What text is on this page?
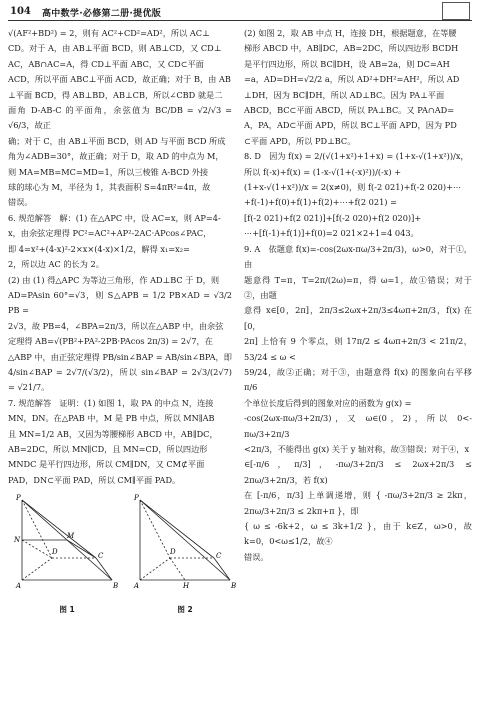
104 高中数学·必修第二册·提优版

√(AF²+BD²) = 2，则有 AC²+CD²=AD²，所以 AC⊥

CD。对于 A，由 AB⊥平面 BCD，则 AB⊥CD，又 CD⊥

AC，AB∩AC=A，得 CD⊥平面 ABC，又 CD⊂平面

ACD，所以平面 ABC⊥平面 ACD，故正确；对于 B，由 AB

⊥平面 BCD，得 AB⊥BD，AB⊥CB，所以∠CBD 就是二

面角 D-AB-C 的平面角，余弦值为 BC/DB = √2/√3 = √6/3，故正

确；对于 C，由 AB⊥平面 BCD，则 AD 与平面 BCD 所成

角为∠ADB=30°，故正确；对于 D，取 AD 的中点为 M，

则 MA=MB=MC=MD=1，所以三棱锥 A-BCD 外接

球的球心为 M，半径为 1，其表面积 S=4πR²=4π，故

错误。

6. 规范解答　解：(1) 在△APC 中，设 AC=x，则 AP=4-

x，由余弦定理得 PC²=AC²+AP²-2AC·APcos∠PAC，

即 4=x²+(4-x)²-2×x×(4-x)×1/2，解得 x₁=x₂=

2，所以边 AC 的长为 2。

(2) 由 (1) 得△APC 为等边三角形，作 AD⊥BC 于 D，则

AD=PAsin 60°=√3，则 S△APB = 1/2 PB×AD = √3/2 PB =

2√3，故 PB=4，∠BPA=2π/3，所以在△ABP 中，由余弦

定理得 AB=√(PB²+PA²-2PB·PAcos 2π/3) = 2√7，在

△ABP 中，由正弦定理得 PB/sin∠BAP = AB/sin∠BPA，即

4/sin∠BAP = 2√7/(√3/2)，所以 sin∠BAP = 2√3/(2√7) = √21/7。

7. 规范解答　证明：(1) 如图 1，取 PA 的中点 N，连接

MN，DN。在△PAB 中，M 是 PB 中点，所以 MN∥AB

且 MN=1/2 AB，又因为等腰梯形 ABCD 中，AB∥DC，

AB=2DC，所以 MN∥CD，且 MN=CD，所以四边形

MNDC 是平行四边形，所以 CM∥DN，又 CM⊄平面

PAD，DN⊂平面 PAD，所以 CM∥平面 PAD。

P
N	M
D	C
A	B
图 1
P
D	C
A	H	B
图 2

(2) 如图 2，取 AB 中点 H，连接 DH，根据题意，在等腰

梯形 ABCD 中，AB∥DC，AB=2DC，所以四边形 BCDH

是平行四边形，所以 BC∥DH，设 AB=2a，则 DC=AH

=a，AD=DH=√2/2 a，所以 AD²+DH²=AH²，所以 AD

⊥DH，因为 BC∥DH，所以 AD⊥BC。因为 PA⊥平面

ABCD，BC⊂平面 ABCD，所以 PA⊥BC。又 PA∩AD=

A，PA，AD⊂平面 APD，所以 BC⊥平面 APD，因为 PD

⊂平面 APD，所以 PD⊥BC。

8. D　因为 f(x) = 2/(√(1+x²)+1+x) = (1+x-√(1+x²))/x，

所以 f(-x)+f(x) = (1-x-√(1+(-x)²))/(-x) +

(1+x-√(1+x²))/x = 2(x≠0)，则 f(-2 021)+f(-2 020)+⋯

+f(-1)+f(0)+f(1)+f(2)+⋯+f(2 021) =

[f(-2 021)+f(2 021)]+[f(-2 020)+f(2 020)]+

⋯+[f(-1)+f(1)]+f(0)=2 021×2+1=4 043。

9. A　依题意 f(x)=-cos(2ωx-πω/3+2π/3)，ω>0，对于①，由

题意得 T=π，T=2π/(2ω)=π，得 ω=1，故①错误；对于②，由题

意得 x∈[0，2π]，2π/3≤2ωx+2π/3≤4ωπ+2π/3，f(x) 在 [0，

2π] 上恰有 9 个零点，则 17π/2 ≤ 4ωπ+2π/3 < 21π/2，53/24 ≤ ω <

59/24，故②正确；对于③，由题意得 f(x) 的图象向右平移 π/6

个单位长度后得到的图象对应的函数为 g(x) =

-cos(2ωx-πω/3+2π/3)，又 ω∈(0，2)，所以 0<-πω/3+2π/3

<2π/3，不能得出 g(x) 关于 y 轴对称，故③错误；对于④，x

∈[-π/6，π/3]，-πω/3+2π/3 ≤ 2ωx+2π/3 ≤ 2πω/3+2π/3，若 f(x)

在 [-π/6，π/3] 上单调递增，则 { -πω/3+2π/3 ≥ 2kπ，2πω/3+2π/3 ≤ 2kπ+π }，即

{ ω ≤ -6k+2，ω ≤ 3k+1/2 }，由于 k∈Z，ω>0，故 k=0，0<ω≤1/2，故④

错误。
